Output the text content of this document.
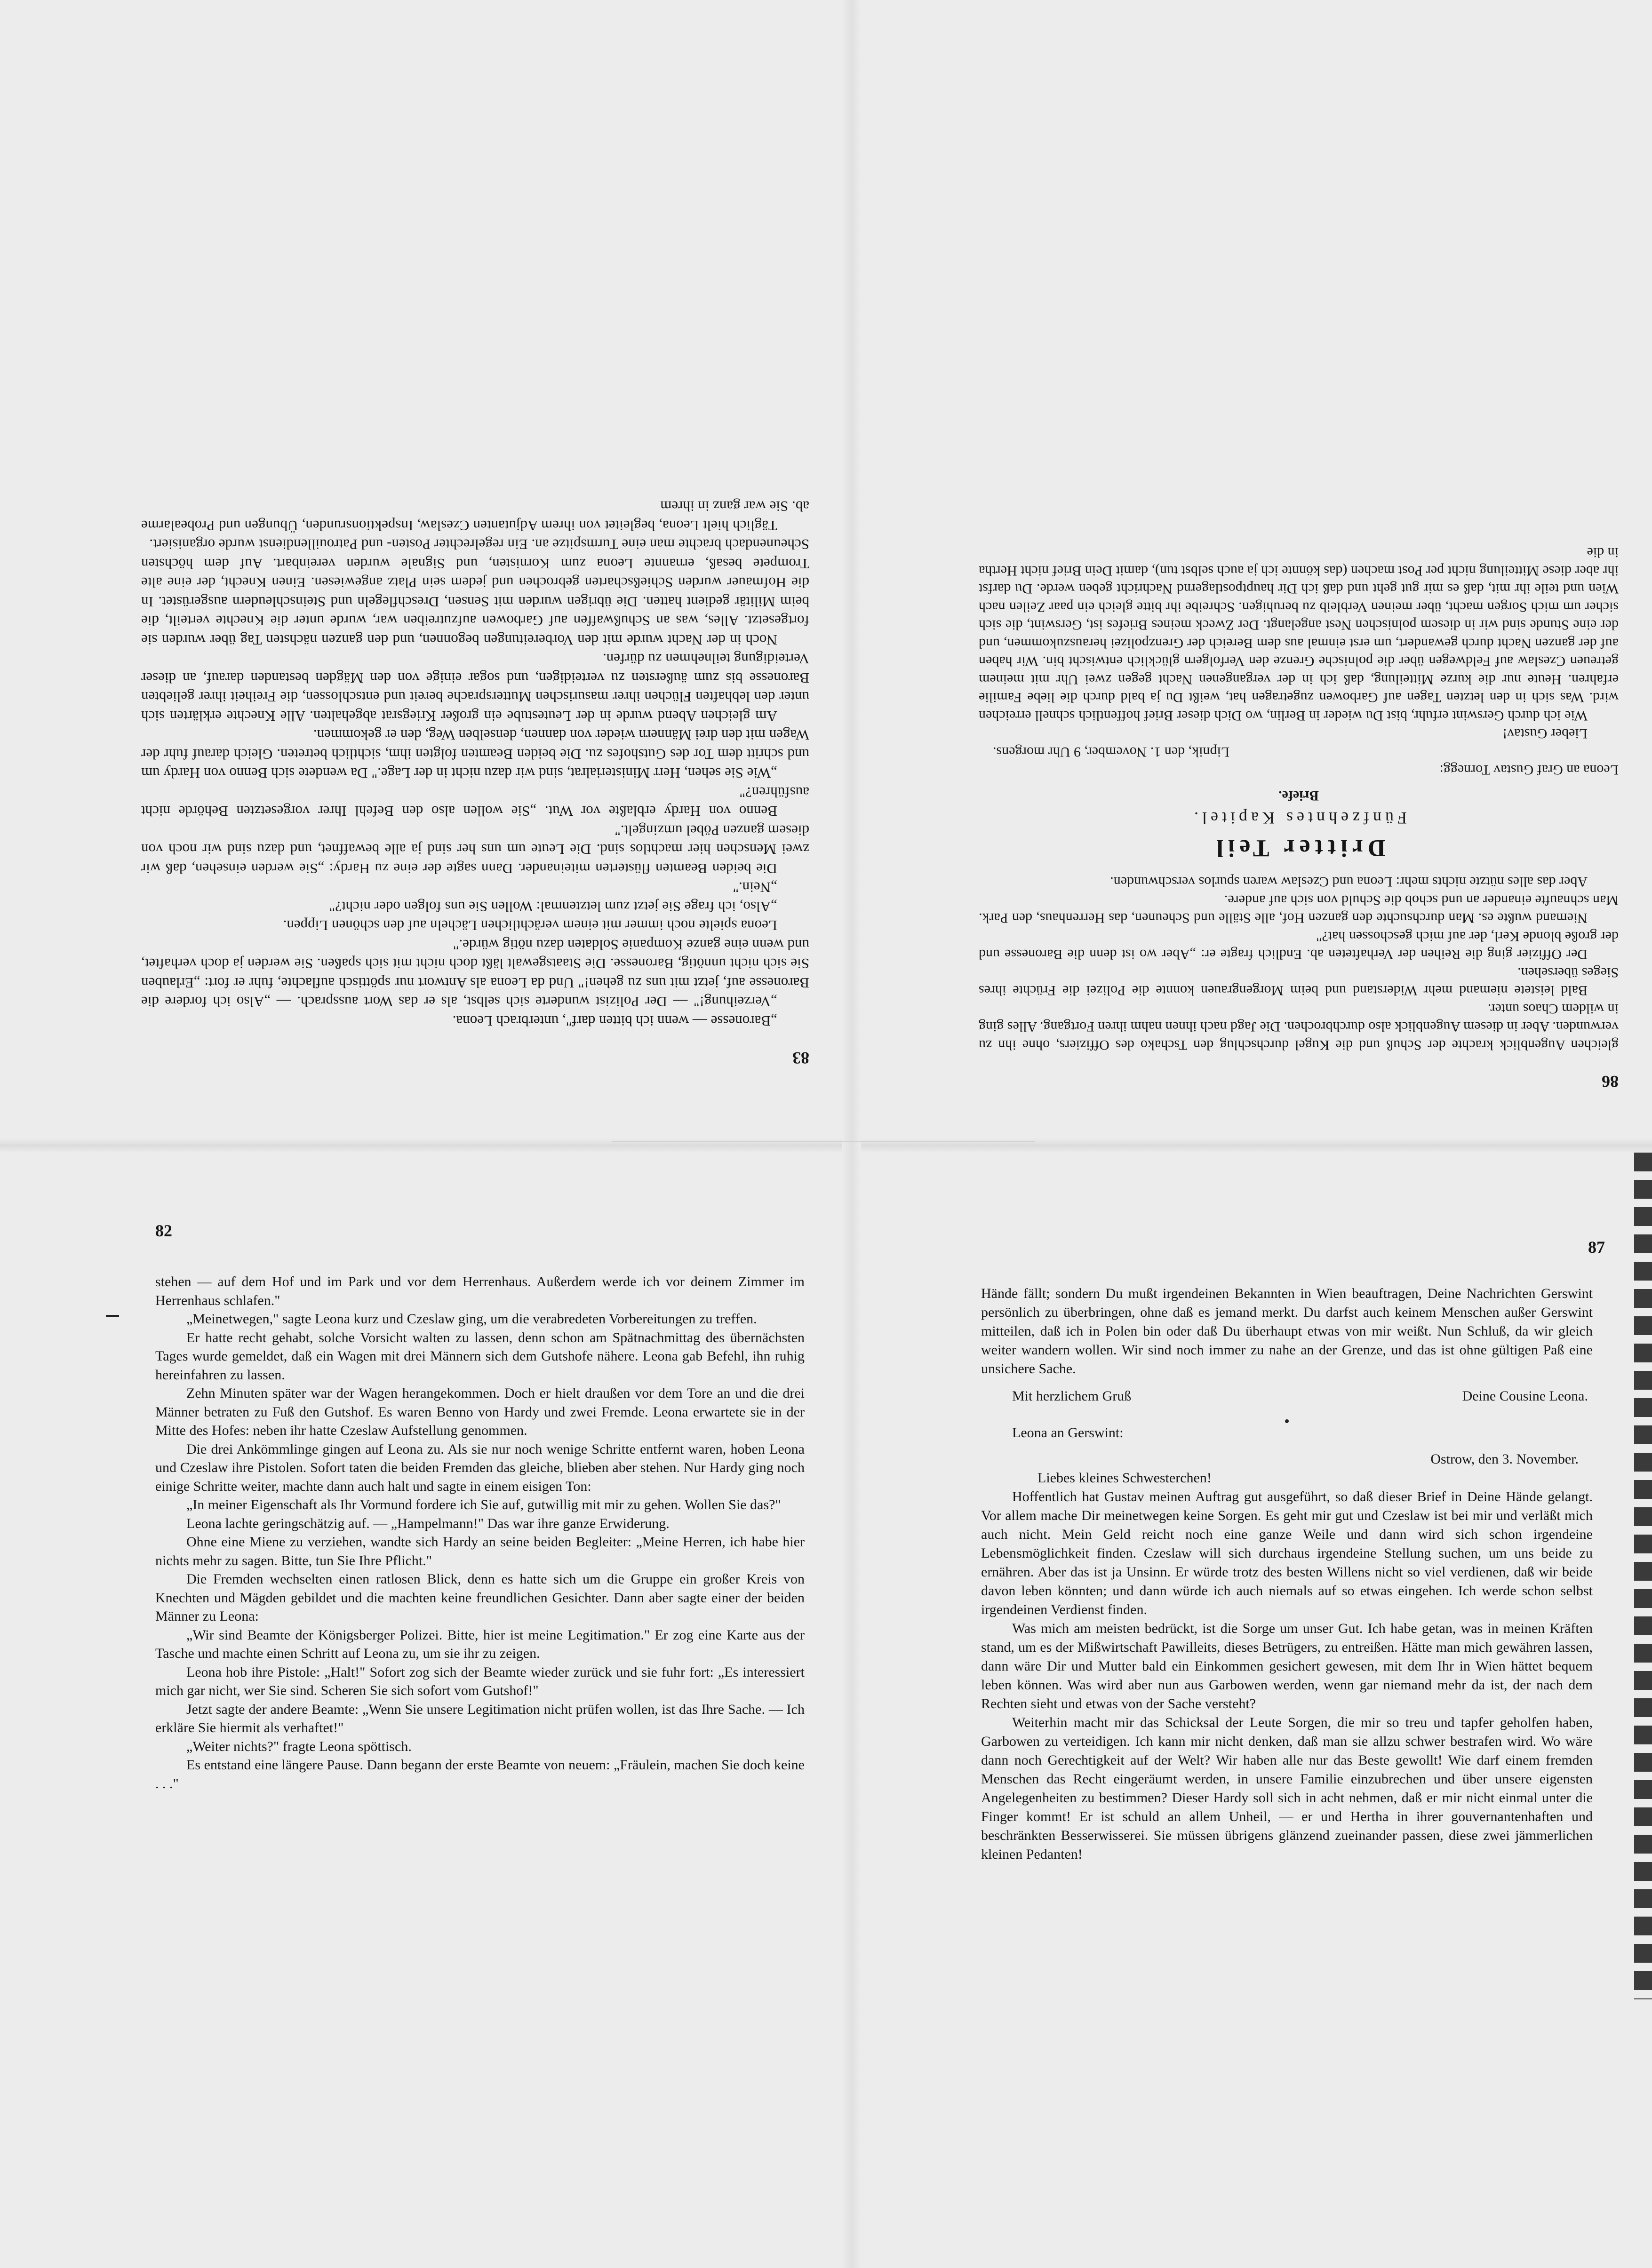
83

„Baronesse — wenn ich bitten darf", unterbrach Leona.

„Verzeihung!" — Der Polizist wunderte sich selbst, als er das Wort aussprach. — „Also ich fordere die Baronesse auf, jetzt mit uns zu gehen!" Und da Leona als Antwort nur spöttisch auflachte, fuhr er fort: „Erlauben Sie sich nicht unnötig, Baronesse. Die Staatsgewalt läßt doch nicht mit sich spaßen. Sie werden ja doch verhaftet, und wenn eine ganze Kompanie Soldaten dazu nötig würde."

Leona spielte noch immer mit einem verächtlichen Lächeln auf den schönen Lippen.

„Also, ich frage Sie jetzt zum letztenmal: Wollen Sie uns folgen oder nicht?"

„Nein."

Die beiden Beamten flüsterten miteinander. Dann sagte der eine zu Hardy: „Sie werden einsehen, daß wir zwei Menschen hier machtlos sind. Die Leute um uns her sind ja alle bewaffnet, und dazu sind wir noch von diesem ganzen Pöbel umzingelt."

Benno von Hardy erblaßte vor Wut. „Sie wollen also den Befehl Ihrer vorgesetzten Behörde nicht ausführen?"

„Wie Sie sehen, Herr Ministerialrat, sind wir dazu nicht in der Lage." Da wendete sich Benno von Hardy um und schritt dem Tor des Gutshofes zu. Die beiden Beamten folgten ihm, sichtlich betreten. Gleich darauf fuhr der Wagen mit den drei Männern wieder von dannen, denselben Weg, den er gekommen.

Am gleichen Abend wurde in der Leutestube ein großer Kriegsrat abgehalten. Alle Knechte erklärten sich unter den lebhaften Flüchen ihrer masurischen Muttersprache bereit und entschlossen, die Freiheit ihrer geliebten Baronesse bis zum äußersten zu verteidigen, und sogar einige von den Mägden bestanden darauf, an dieser Verteidigung teilnehmen zu dürfen.

Noch in der Nacht wurde mit den Vorbereitungen begonnen, und den ganzen nächsten Tag über wurden sie fortgesetzt. Alles, was an Schußwaffen auf Garbowen aufzutreiben war, wurde unter die Knechte verteilt, die beim Militär gedient hatten. Die übrigen wurden mit Sensen, Dreschflegeln und Steinschleudern ausgerüstet. In die Hofmauer wurden Schießscharten gebrochen und jedem sein Platz angewiesen. Einen Knecht, der eine alte Trompete besaß, ernannte Leona zum Kornisten, und Signale wurden vereinbart. Auf dem höchsten Scheunendach brachte man eine Turmspitze an. Ein regelrechter Posten- und Patrouillendienst wurde organisiert.

Täglich hielt Leona, begleitet von ihrem Adjutanten Czeslaw, Inspektionsrunden, Übungen und Probealarme ab. Sie war ganz in ihrem

86

gleichen Augenblick krachte der Schuß und die Kugel durchschlug den Tschako des Offiziers, ohne ihn zu verwunden. Aber in diesem Augenblick also durchbrochen. Die Jagd nach ihnen nahm ihren Fortgang. Alles ging in wildem Chaos unter.

Bald leistete niemand mehr Widerstand und beim Morgengrauen konnte die Polizei die Früchte ihres Sieges übersehen.

Der Offizier ging die Reihen der Verhafteten ab. Endlich fragte er: „Aber wo ist denn die Baronesse und der große blonde Kerl, der auf mich geschossen hat?"

Niemand wußte es. Man durchsuchte den ganzen Hof, alle Ställe und Scheunen, das Herrenhaus, den Park. Man schnaufte einander an und schob die Schuld von sich auf andere.

Aber das alles nützte nichts mehr: Leona und Czeslaw waren spurlos verschwunden.

Dritter Teil
Fünfzehntes Kapitel.
Briefe.

Leona an Graf Gustav Tornegg:

Lipnik, den 1. November, 9 Uhr morgens.

Lieber Gustav!

Wie ich durch Gerswint erfuhr, bist Du wieder in Berlin, wo Dich dieser Brief hoffentlich schnell erreichen wird. Was sich in den letzten Tagen auf Garbowen zugetragen hat, weißt Du ja bald durch die liebe Familie erfahren. Heute nur die kurze Mitteilung, daß ich in der vergangenen Nacht gegen zwei Uhr mit meinem getreuen Czeslaw auf Feldwegen über die polnische Grenze den Verfolgern glücklich entwischt bin. Wir haben auf der ganzen Nacht durch gewandert, um erst einmal aus dem Bereich der Grenzpolizei herauszukommen, und der eine Stunde sind wir in diesem polnischen Nest angelangt. Der Zweck meines Briefes ist, Gerswint, die sich sicher um mich Sorgen macht, über meinen Verbleib zu beruhigen. Schreibe ihr bitte gleich ein paar Zeilen nach Wien und teile ihr mit, daß es mir gut geht und daß ich Dir hauptpostlagernd Nachricht geben werde. Du darfst ihr aber diese Mitteilung nicht per Post machen (das könnte ich ja auch selbst tun), damit Dein Brief nicht Hertha in die

82

stehen — auf dem Hof und im Park und vor dem Herrenhaus. Außerdem werde ich vor deinem Zimmer im Herrenhaus schlafen."

„Meinetwegen," sagte Leona kurz und Czeslaw ging, um die verabredeten Vorbereitungen zu treffen.

Er hatte recht gehabt, solche Vorsicht walten zu lassen, denn schon am Spätnachmittag des übernächsten Tages wurde gemeldet, daß ein Wagen mit drei Männern sich dem Gutshofe nähere. Leona gab Befehl, ihn ruhig hereinfahren zu lassen.

Zehn Minuten später war der Wagen herangekommen. Doch er hielt draußen vor dem Tore an und die drei Männer betraten zu Fuß den Gutshof. Es waren Benno von Hardy und zwei Fremde. Leona erwartete sie in der Mitte des Hofes: neben ihr hatte Czeslaw Aufstellung genommen.

Die drei Ankömmlinge gingen auf Leona zu. Als sie nur noch wenige Schritte entfernt waren, hoben Leona und Czeslaw ihre Pistolen. Sofort taten die beiden Fremden das gleiche, blieben aber stehen. Nur Hardy ging noch einige Schritte weiter, machte dann auch halt und sagte in einem eisigen Ton:

„In meiner Eigenschaft als Ihr Vormund fordere ich Sie auf, gutwillig mit mir zu gehen. Wollen Sie das?"

Leona lachte geringschätzig auf. — „Hampelmann!" Das war ihre ganze Erwiderung.

Ohne eine Miene zu verziehen, wandte sich Hardy an seine beiden Begleiter: „Meine Herren, ich habe hier nichts mehr zu sagen. Bitte, tun Sie Ihre Pflicht."

Die Fremden wechselten einen ratlosen Blick, denn es hatte sich um die Gruppe ein großer Kreis von Knechten und Mägden gebildet und die machten keine freundlichen Gesichter. Dann aber sagte einer der beiden Männer zu Leona:

„Wir sind Beamte der Königsberger Polizei. Bitte, hier ist meine Legitimation." Er zog eine Karte aus der Tasche und machte einen Schritt auf Leona zu, um sie ihr zu zeigen.

Leona hob ihre Pistole: „Halt!" Sofort zog sich der Beamte wieder zurück und sie fuhr fort: „Es interessiert mich gar nicht, wer Sie sind. Scheren Sie sich sofort vom Gutshof!"

Jetzt sagte der andere Beamte: „Wenn Sie unsere Legitimation nicht prüfen wollen, ist das Ihre Sache. — Ich erkläre Sie hiermit als verhaftet!"

„Weiter nichts?" fragte Leona spöttisch.

Es entstand eine längere Pause. Dann begann der erste Beamte von neuem: „Fräulein, machen Sie doch keine . . ."

87

Hände fällt; sondern Du mußt irgendeinen Bekannten in Wien beauftragen, Deine Nachrichten Gerswint persönlich zu überbringen, ohne daß es jemand merkt. Du darfst auch keinem Menschen außer Gerswint mitteilen, daß ich in Polen bin oder daß Du überhaupt etwas von mir weißt. Nun Schluß, da wir gleich weiter wandern wollen. Wir sind noch immer zu nahe an der Grenze, und das ist ohne gültigen Paß eine unsichere Sache.

Mit herzlichem Gruß	Deine Cousine Leona.

Leona an Gerswint:

Ostrow, den 3. November.

Liebes kleines Schwesterchen!

Hoffentlich hat Gustav meinen Auftrag gut ausgeführt, so daß dieser Brief in Deine Hände gelangt. Vor allem mache Dir meinetwegen keine Sorgen. Es geht mir gut und Czeslaw ist bei mir und verläßt mich auch nicht. Mein Geld reicht noch eine ganze Weile und dann wird sich schon irgendeine Lebensmöglichkeit finden. Czeslaw will sich durchaus irgendeine Stellung suchen, um uns beide zu ernähren. Aber das ist ja Unsinn. Er würde trotz des besten Willens nicht so viel verdienen, daß wir beide davon leben könnten; und dann würde ich auch niemals auf so etwas eingehen. Ich werde schon selbst irgendeinen Verdienst finden.

Was mich am meisten bedrückt, ist die Sorge um unser Gut. Ich habe getan, was in meinen Kräften stand, um es der Mißwirtschaft Pawilleits, dieses Betrügers, zu entreißen. Hätte man mich gewähren lassen, dann wäre Dir und Mutter bald ein Einkommen gesichert gewesen, mit dem Ihr in Wien hättet bequem leben können. Was wird aber nun aus Garbowen werden, wenn gar niemand mehr da ist, der nach dem Rechten sieht und etwas von der Sache versteht?

Weiterhin macht mir das Schicksal der Leute Sorgen, die mir so treu und tapfer geholfen haben, Garbowen zu verteidigen. Ich kann mir nicht denken, daß man sie allzu schwer bestrafen wird. Wo wäre dann noch Gerechtigkeit auf der Welt? Wir haben alle nur das Beste gewollt! Wie darf einem fremden Menschen das Recht eingeräumt werden, in unsere Familie einzubrechen und über unsere eigensten Angelegenheiten zu bestimmen? Dieser Hardy soll sich in acht nehmen, daß er mir nicht einmal unter die Finger kommt! Er ist schuld an allem Unheil, — er und Hertha in ihrer gouvernantenhaften und beschränkten Besserwisserei. Sie müssen übrigens glänzend zueinander passen, diese zwei jämmerlichen kleinen Pedanten!
